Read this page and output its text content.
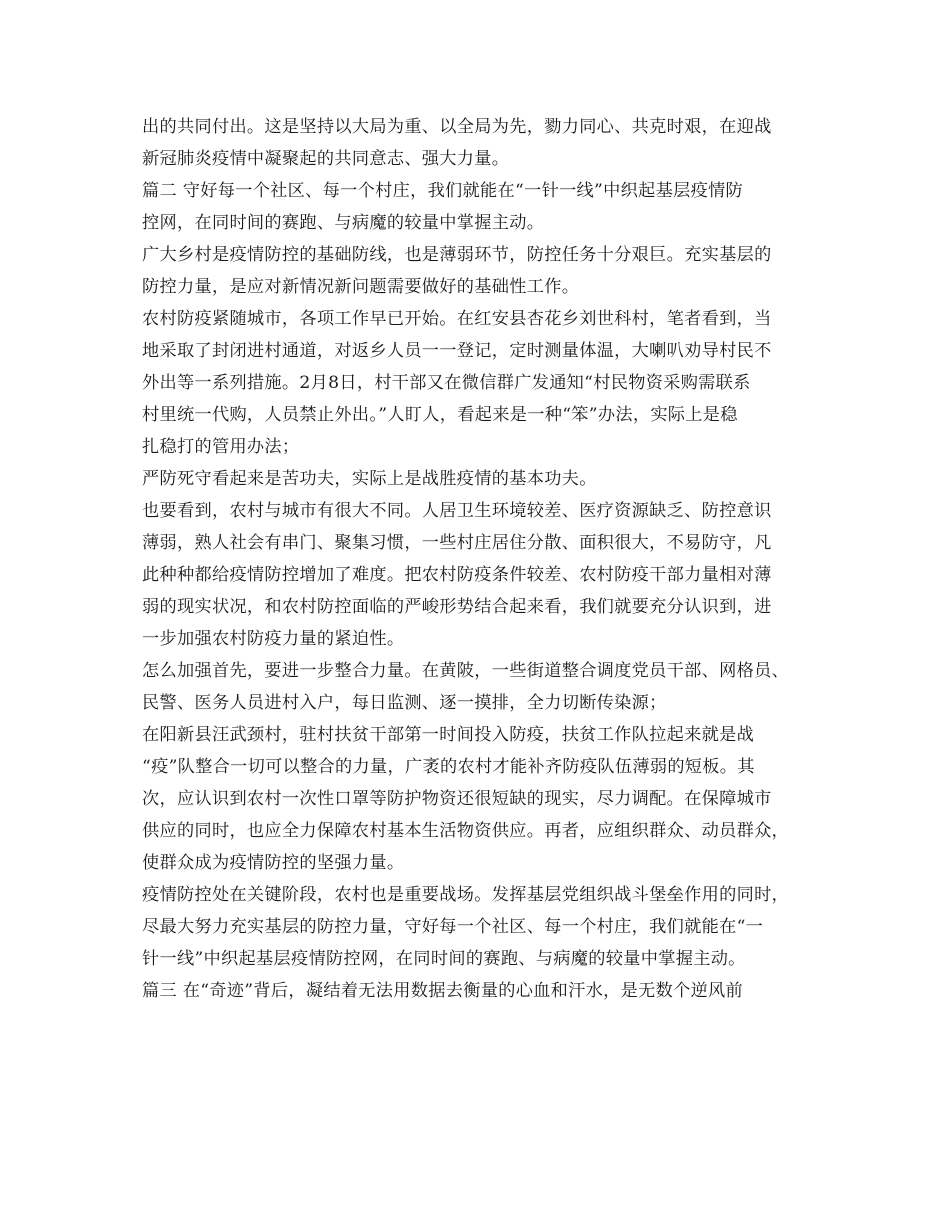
出的共同付出。这是坚持以大局为重、以全局为先，勠力同心、共克时艰，在迎战
新冠肺炎疫情中凝聚起的共同意志、强大力量。
篇二 守好每一个社区、每一个村庄，我们就能在“一针一线”中织起基层疫情防
控网，在同时间的赛跑、与病魔的较量中掌握主动。
广大乡村是疫情防控的基础防线，也是薄弱环节，防控任务十分艰巨。充实基层的
防控力量，是应对新情况新问题需要做好的基础性工作。
农村防疫紧随城市，各项工作早已开始。在红安县杏花乡刘世科村，笔者看到，当
地采取了封闭进村通道，对返乡人员一一登记，定时测量体温，大喇叭劝导村民不
外出等一系列措施。2月8日，村干部又在微信群广发通知“村民物资采购需联系
村里统一代购，人员禁止外出。”人盯人，看起来是一种“笨”办法，实际上是稳
扎稳打的管用办法；
严防死守看起来是苦功夫，实际上是战胜疫情的基本功夫。
也要看到，农村与城市有很大不同。人居卫生环境较差、医疗资源缺乏、防控意识
薄弱，熟人社会有串门、聚集习惯，一些村庄居住分散、面积很大，不易防守，凡
此种种都给疫情防控增加了难度。把农村防疫条件较差、农村防疫干部力量相对薄
弱的现实状况，和农村防控面临的严峻形势结合起来看，我们就要充分认识到，进
一步加强农村防疫力量的紧迫性。
怎么加强首先，要进一步整合力量。在黄陂，一些街道整合调度党员干部、网格员、
民警、医务人员进村入户，每日监测、逐一摸排，全力切断传染源；
在阳新县汪武颈村，驻村扶贫干部第一时间投入防疫，扶贫工作队拉起来就是战
“疫”队整合一切可以整合的力量，广袤的农村才能补齐防疫队伍薄弱的短板。其
次，应认识到农村一次性口罩等防护物资还很短缺的现实，尽力调配。在保障城市
供应的同时，也应全力保障农村基本生活物资供应。再者，应组织群众、动员群众，
使群众成为疫情防控的坚强力量。
疫情防控处在关键阶段，农村也是重要战场。发挥基层党组织战斗堡垒作用的同时，
尽最大努力充实基层的防控力量，守好每一个社区、每一个村庄，我们就能在“一
针一线”中织起基层疫情防控网，在同时间的赛跑、与病魔的较量中掌握主动。
篇三 在“奇迹”背后，凝结着无法用数据去衡量的心血和汗水，是无数个逆风前
